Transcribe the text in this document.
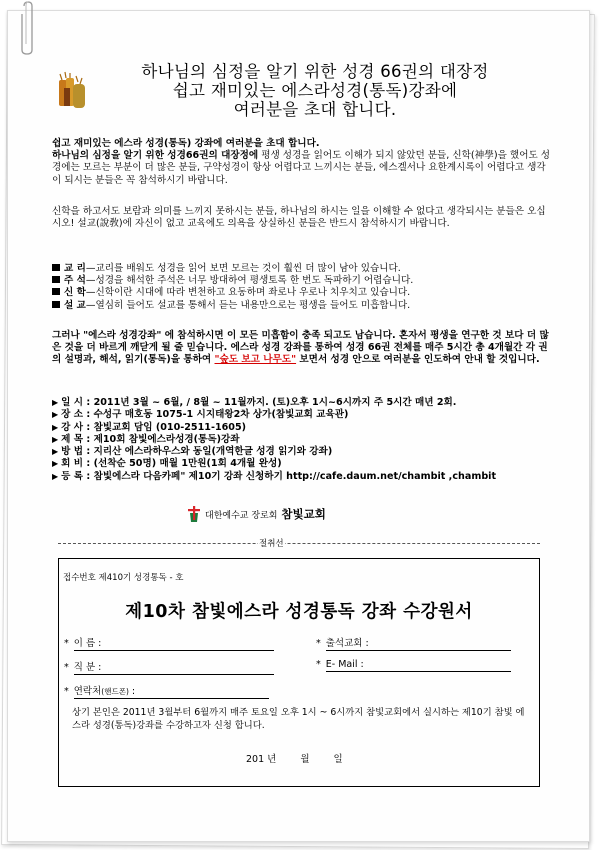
하나님의 심정을 알기 위한 성경 66권의 대장정
쉽고 재미있는 에스라성경(통독)강좌에
여러분을 초대 합니다.
쉽고 재미있는 에스라 성경(통독) 강좌에 여러분을 초대 합니다.
하나님의 심정을 알기 위한 성경66권의 대장정에 평생 성경을 읽어도 이해가 되지 않았던 분들, 신학(神學)을 했어도 성경에는 모르는 부분이 더 많은 분들, 구약성경이 항상 어렵다고 느끼시는 분들, 에스겔서나 요한계시록이 어렵다고 생각이 되시는 분들은 꼭 참석하시기 바랍니다.
신학을 하고서도 보람과 의미를 느끼지 못하시는 분들, 하나님의 하시는 일을 이해할 수 없다고 생각되시는 분들은 오십시오! 설교(說敎)에 자신이 없고 교육에도 의욕을 상실하신 분들은 반드시 참석하시기 바랍니다.
교 리—교리를 배워도 성경을 읽어 보면 모르는 것이 훨씬 더 많이 남아 있습니다.
주 석—성경을 해석한 주석은 너무 방대하여 평생토록 한 번도 독파하기 어렵습니다.
신 학—신학이란 시대에 따라 변천하고 요동하며 좌로나 우로나 치우치고 있습니다.
설 교—열심히 들어도 설교를 통해서 듣는 내용만으로는 평생을 들어도 미흡합니다.
그러나 "에스라 성경강좌" 에 참석하시면 이 모든 미흡함이 충족 되고도 남습니다. 혼자서 평생을 연구한 것 보다 더 많은 것을 더 바르게 깨닫게 될 줄 믿습니다. 에스라 성경 강좌를 통하여 성경 66권 전체를 매주 5시간 총 4개월간 각 권의 설명과, 해석, 읽기(통독)을 통하여 "숲도 보고 나무도" 보면서 성경 안으로 여러분을 인도하여 안내 할 것입니다.
▶ 일 시 : 2011년 3월 ~ 6월, / 8월 ~ 11월까지. (토)오후 1시~6시까지 주 5시간 매년 2회.
▶ 장 소 : 수성구 매호동 1075-1 시지태왕2차 상가(참빛교회 교육관)
▶ 강 사 : 참빛교회 담임 (010-2511-1605)
▶ 제 목 : 제10회 참빛에스라성경(통독)강좌
▶ 방 법 : 지리산 에스라하우스와 동일(개역한글 성경 읽기와 강좌)
▶ 회 비 : (선착순 50명) 매월 1만원(1회 4개월 완성)
▶ 등 록 : 참빛에스라 다음카페" 제10기 강좌 신청하기 http://cafe.daum.net/chambit ,chambit
대한예수교 장로회 참빛교회
절취선
접수번호 제410기 성경통독 - 호
제10차 참빛에스라 성경통독 강좌 수강원서
* 이 름 :	* 출석교회 :
* 직 분 :	* E- Mail :
* 연락처(핸드폰) :
상기 본인은 2011년 3월부터 6월까지 매주 토요일 오후 1시 ~ 6시까지 참빛교회에서 실시하는 제10기 참빛 에스라 성경(통독)강좌를 수강하고자 신청 합니다.
201 년	월	일
